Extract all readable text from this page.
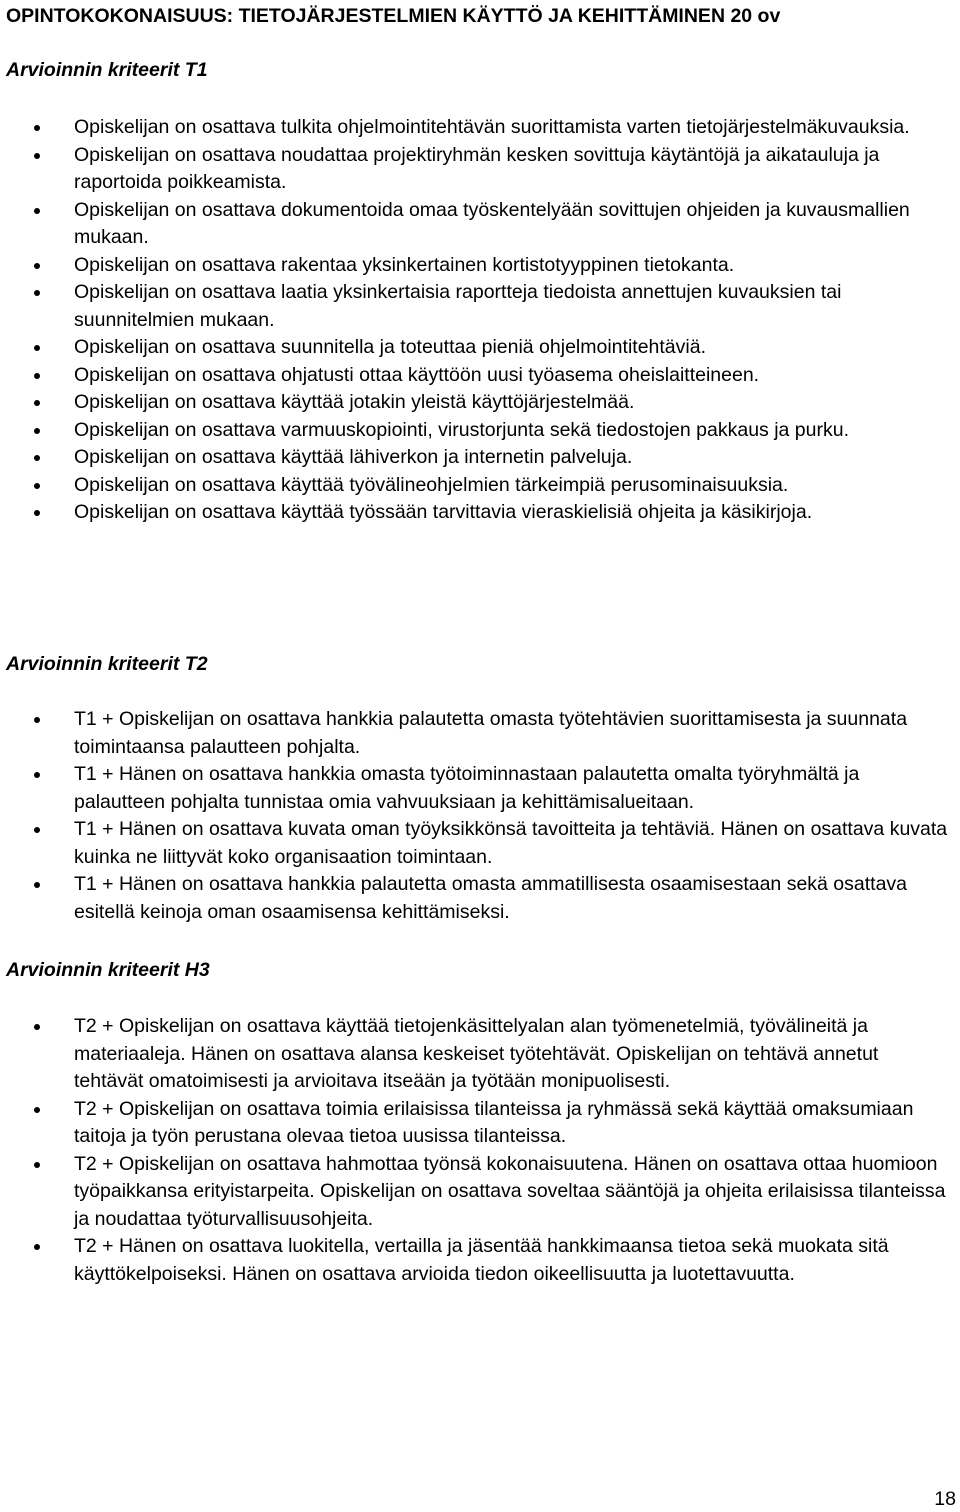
OPINTOKOKONAISUUS: TIETOJÄRJESTELMIEN KÄYTTÖ JA KEHITTÄMINEN 20 ov
Arvioinnin kriteerit T1
Opiskelijan on osattava tulkita ohjelmointitehtävän suorittamista varten tietojärjestelmäkuvauksia.
Opiskelijan on osattava noudattaa projektiryhmän kesken sovittuja käytäntöjä ja aikatauluja ja raportoida poikkeamista.
Opiskelijan on osattava dokumentoida omaa työskentelyään sovittujen ohjeiden ja kuvausmallien mukaan.
Opiskelijan on osattava rakentaa yksinkertainen kortistotyyppinen tietokanta.
Opiskelijan on osattava laatia yksinkertaisia raportteja tiedoista annettujen kuvauksien tai suunnitelmien mukaan.
Opiskelijan on osattava suunnitella ja toteuttaa pieniä ohjelmointitehtäviä.
Opiskelijan on osattava ohjatusti ottaa käyttöön uusi työasema oheislaitteineen.
Opiskelijan on osattava käyttää jotakin yleistä käyttöjärjestelmää.
Opiskelijan on osattava varmuuskopiointi, virustorjunta sekä tiedostojen pakkaus ja purku.
Opiskelijan on osattava käyttää lähiverkon ja internetin palveluja.
Opiskelijan on osattava käyttää työvälineohjelmien tärkeimpiä perusominaisuuksia.
Opiskelijan on osattava käyttää työssään tarvittavia vieraskielisiä ohjeita ja käsikirjoja.
Arvioinnin kriteerit T2
T1 + Opiskelijan on osattava hankkia palautetta omasta työtehtävien suorittamisesta ja suunnata toimintaansa palautteen pohjalta.
T1 + Hänen on osattava hankkia omasta työtoiminnastaan palautetta omalta työryhmältä ja palautteen pohjalta tunnistaa omia vahvuuksiaan ja kehittämisalueitaan.
T1 + Hänen on osattava kuvata oman työyksikkönsä tavoitteita ja tehtäviä. Hänen on osattava kuvata kuinka ne liittyvät koko organisaation toimintaan.
T1 + Hänen on osattava hankkia palautetta omasta ammatillisesta osaamisestaan sekä osattava esitellä keinoja oman osaamisensa kehittämiseksi.
Arvioinnin kriteerit H3
T2 + Opiskelijan on osattava käyttää tietojenkäsittelyalan alan työmenetelmiä, työvälineitä ja materiaaleja. Hänen on osattava alansa keskeiset työtehtävät. Opiskelijan on tehtävä annetut tehtävät omatoimisesti ja arvioitava itseään ja työtään monipuolisesti.
T2 + Opiskelijan on osattava toimia erilaisissa tilanteissa ja ryhmässä sekä käyttää omaksumiaan taitoja ja työn perustana olevaa tietoa uusissa tilanteissa.
T2 + Opiskelijan on osattava hahmottaa työnsä kokonaisuutena. Hänen on osattava ottaa huomioon työpaikkansa erityistarpeita. Opiskelijan on osattava soveltaa sääntöjä ja ohjeita erilaisissa tilanteissa ja noudattaa työturvallisuusohjeita.
T2 + Hänen on osattava luokitella, vertailla ja jäsentää hankkimaansa tietoa sekä muokata sitä käyttökelpoiseksi. Hänen on osattava arvioida tiedon oikeellisuutta ja luotettavuutta.
18
